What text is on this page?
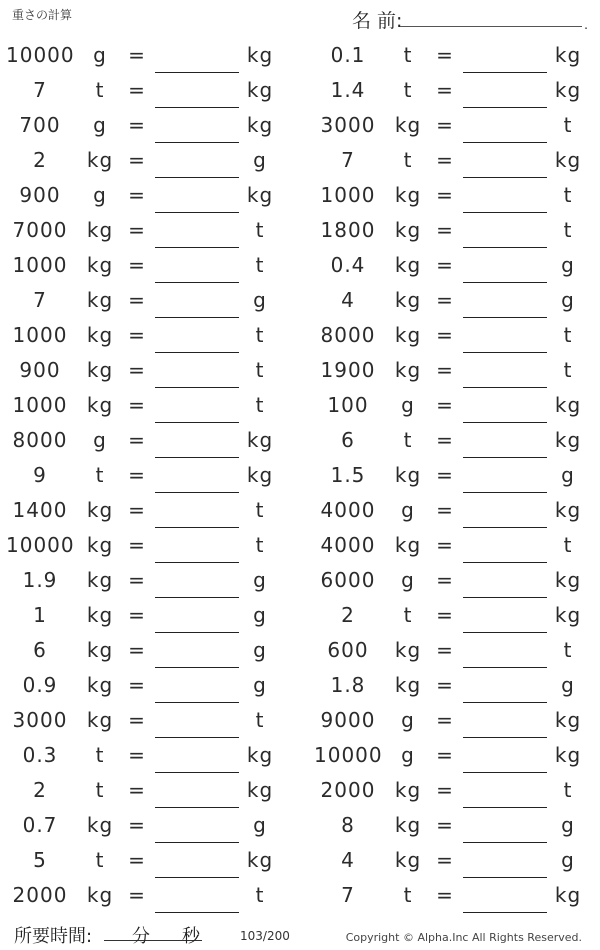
重さの計算	名 前:	.
10000 g	=	kg	0.1	t	=	kg
7	t	=	kg	1.4	t	=	kg
700	g	=	kg	3000 kg =	t
2	kg =	g	7	t	=	kg
900	g	=	kg	1000 kg =	t
7000 kg =	t	1800 kg =	t
1000 kg =	t	0.4	kg =	g
7	kg =	g	4	kg =	g
1000 kg =	t	8000 kg =	t
900	kg =	t	1900 kg =	t
1000 kg =	t	100	g	=	kg
8000	g	=	kg	6	t	=	kg
9	t	=	kg	1.5	kg =	g
1400 kg =	t	4000	g	=	kg
10000 kg =	t	4000 kg =	t
1.9	kg =	g	6000	g	=	kg
1	kg =	g	2	t	=	kg
6	kg =	g	600	kg =	t
0.9	kg =	g	1.8	kg =	g
3000 kg =	t	9000	g	=	kg
0.3	t	=	kg	10000 g	=	kg
2	t	=	kg	2000 kg =	t
0.7	kg =	g	8	kg =	g
5	t	=	kg	4	kg =	g
2000 kg =	t	7	t	=	kg
所要時間: 分 秒	103/200	Copyright © Alpha.Inc All Rights Reserved.
